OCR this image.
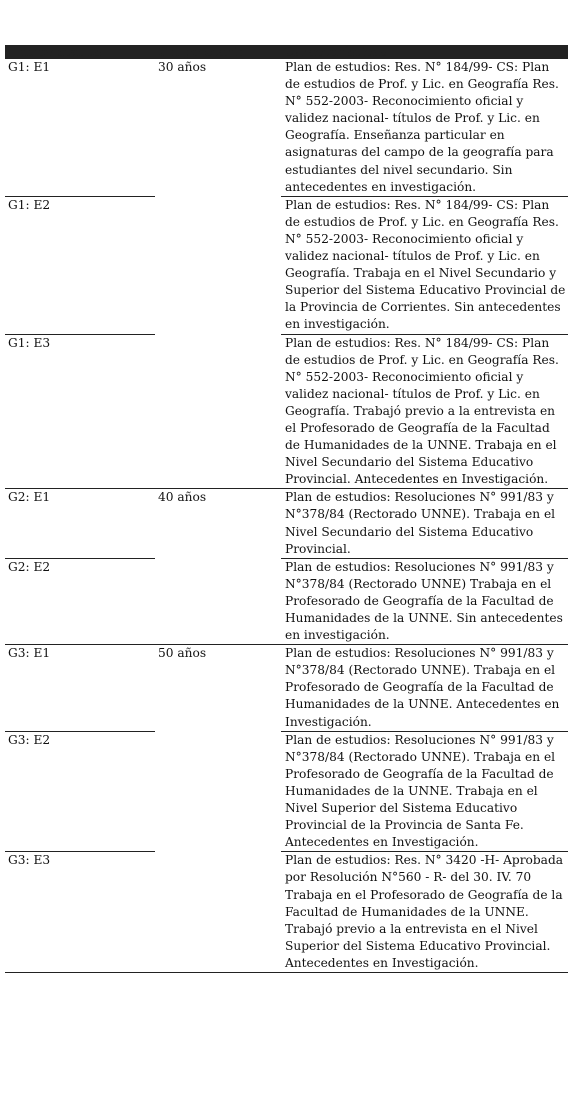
Entrevistados	Grupo etario	Características
G1: E1	30 años	Plan de estudios: Res. N° 184/99- CS: Plan de estudios de Prof. y Lic. en Geografía Res. N° 552-2003- Reconocimiento oficial y validez nacional- títulos de Prof. y Lic. en Geografía. Enseñanza particular en asignaturas del campo de la geografía para estudiantes del nivel secundario. Sin antecedentes en investigación.
G1: E2		Plan de estudios: Res. N° 184/99- CS: Plan de estudios de Prof. y Lic. en Geografía Res. N° 552-2003- Reconocimiento oficial y validez nacional- títulos de Prof. y Lic. en Geografía. Trabaja en el Nivel Secundario y Superior del Sistema Educativo Provincial de la Provincia de Corrientes. Sin antecedentes en investigación.
G1: E3		Plan de estudios: Res. N° 184/99- CS: Plan de estudios de Prof. y Lic. en Geografía Res. N° 552-2003- Reconocimiento oficial y validez nacional- títulos de Prof. y Lic. en Geografía. Trabajó previo a la entrevista en el Profesorado de Geografía de la Facultad de Humanidades de la UNNE. Trabaja en el Nivel Secundario del Sistema Educativo Provincial. Antecedentes en Investigación.
G2: E1	40 años	Plan de estudios: Resoluciones N° 991/83 y N°378/84 (Rectorado UNNE). Trabaja en el Nivel Secundario del Sistema Educativo Provincial.
G2: E2		Plan de estudios: Resoluciones N° 991/83 y N°378/84 (Rectorado UNNE) Trabaja en el Profesorado de Geografía de la Facultad de Humanidades de la UNNE. Sin antecedentes en investigación.
G3: E1	50 años	Plan de estudios: Resoluciones N° 991/83 y N°378/84 (Rectorado UNNE). Trabaja en el Profesorado de Geografía de la Facultad de Humanidades de la UNNE. Antecedentes en Investigación.
G3: E2		Plan de estudios: Resoluciones N° 991/83 y N°378/84 (Rectorado UNNE). Trabaja en el Profesorado de Geografía de la Facultad de Humanidades de la UNNE. Trabaja en el Nivel Superior del Sistema Educativo Provincial de la Provincia de Santa Fe. Antecedentes en Investigación.
G3: E3		Plan de estudios: Res. N° 3420 -H- Aprobada por Resolución N°560 - R- del 30. IV. 70 Trabaja en el Profesorado de Geografía de la Facultad de Humanidades de la UNNE. Trabajó previo a la entrevista en el Nivel Superior del Sistema Educativo Provincial. Antecedentes en Investigación.
